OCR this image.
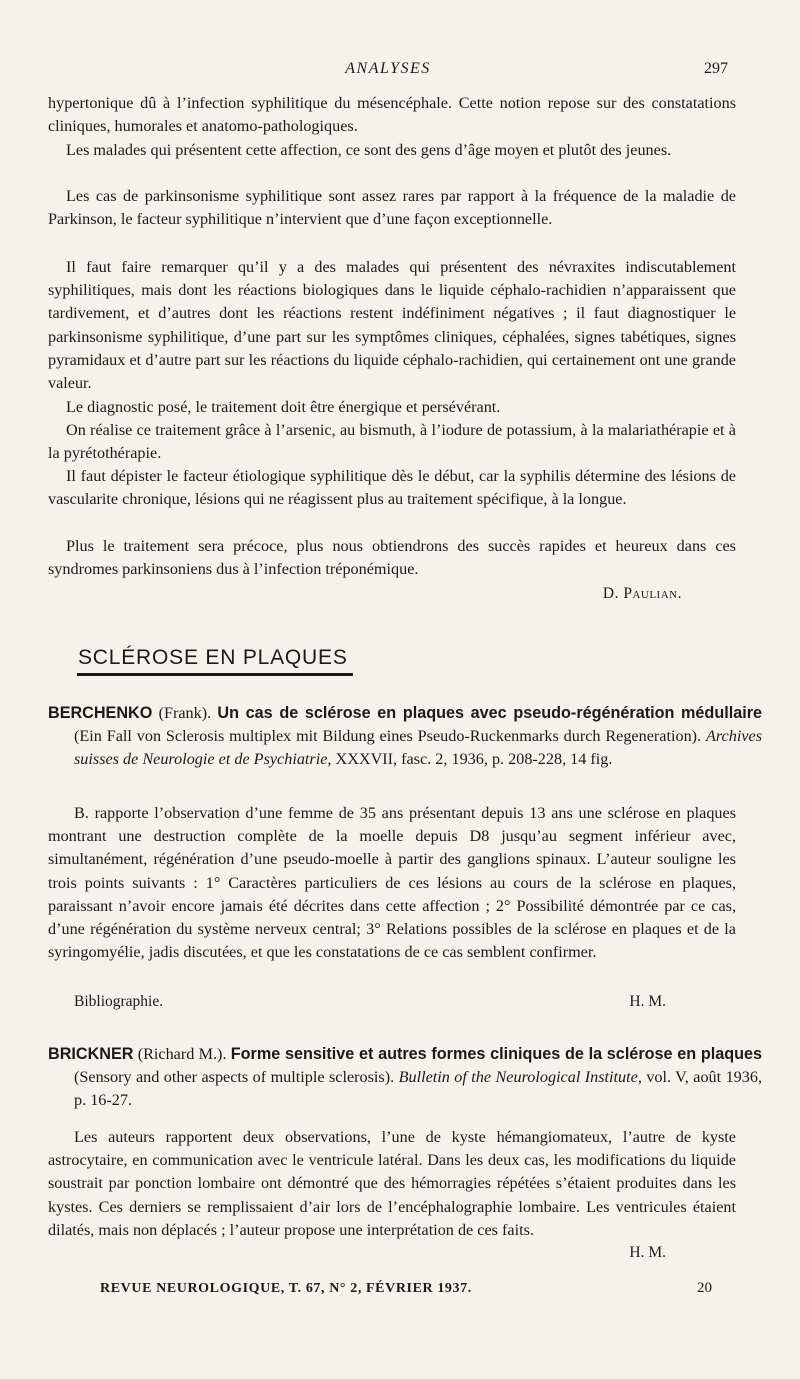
ANALYSES	297

hypertonique dû à l’infection syphilitique du mésencéphale. Cette notion repose sur des constatations cliniques, humorales et anatomo-pathologiques.

Les malades qui présentent cette affection, ce sont des gens d’âge moyen et plutôt des jeunes.

Les cas de parkinsonisme syphilitique sont assez rares par rapport à la fréquence de la maladie de Parkinson, le facteur syphilitique n’intervient que d’une façon exceptionnelle.

Il faut faire remarquer qu’il y a des malades qui présentent des névraxites indiscutablement syphilitiques, mais dont les réactions biologiques dans le liquide céphalo-rachidien n’apparaissent que tardivement, et d’autres dont les réactions restent indéfiniment négatives ; il faut diagnostiquer le parkinsonisme syphilitique, d’une part sur les symptômes cliniques, céphalées, signes tabétiques, signes pyramidaux et d’autre part sur les réactions du liquide céphalo-rachidien, qui certainement ont une grande valeur.

Le diagnostic posé, le traitement doit être énergique et persévérant.

On réalise ce traitement grâce à l’arsenic, au bismuth, à l’iodure de potassium, à la malariathérapie et à la pyrétothérapie.

Il faut dépister le facteur étiologique syphilitique dès le début, car la syphilis détermine des lésions de vascularite chronique, lésions qui ne réagissent plus au traitement spécifique, à la longue.

Plus le traitement sera précoce, plus nous obtiendrons des succès rapides et heureux dans ces syndromes parkinsoniens dus à l’infection tréponémique.

D. Paulian.
SCLÉROSE EN PLAQUES

BERCHENKO (Frank). Un cas de sclérose en plaques avec pseudo-régénération médullaire (Ein Fall von Sclerosis multiplex mit Bildung eines Pseudo-Ruckenmarks durch Regeneration). Archives suisses de Neurologie et de Psychiatrie, XXXVII, fasc. 2, 1936, p. 208-228, 14 fig.

B. rapporte l’observation d’une femme de 35 ans présentant depuis 13 ans une sclérose en plaques montrant une destruction complète de la moelle depuis D8 jusqu’au segment inférieur avec, simultanément, régénération d’une pseudo-moelle à partir des ganglions spinaux. L’auteur souligne les trois points suivants : 1° Caractères particuliers de ces lésions au cours de la sclérose en plaques, paraissant n’avoir encore jamais été décrites dans cette affection ; 2° Possibilité démontrée par ce cas, d’une régénération du système nerveux central; 3° Relations possibles de la sclérose en plaques et de la syringomyélie, jadis discutées, et que les constatations de ce cas semblent confirmer.

Bibliographie.	H. M.

BRICKNER (Richard M.). Forme sensitive et autres formes cliniques de la sclérose en plaques (Sensory and other aspects of multiple sclerosis). Bulletin of the Neurological Institute, vol. V, août 1936, p. 16-27.

Les auteurs rapportent deux observations, l’une de kyste hémangiomateux, l’autre de kyste astrocytaire, en communication avec le ventricule latéral. Dans les deux cas, les modifications du liquide soustrait par ponction lombaire ont démontré que des hémorragies répétées s’étaient produites dans les kystes. Ces derniers se remplissaient d’air lors de l’encéphalographie lombaire. Les ventricules étaient dilatés, mais non déplacés ; l’auteur propose une interprétation de ces faits.

H. M.
REVUE NEUROLOGIQUE, T. 67, N° 2, FÉVRIER 1937.	20
